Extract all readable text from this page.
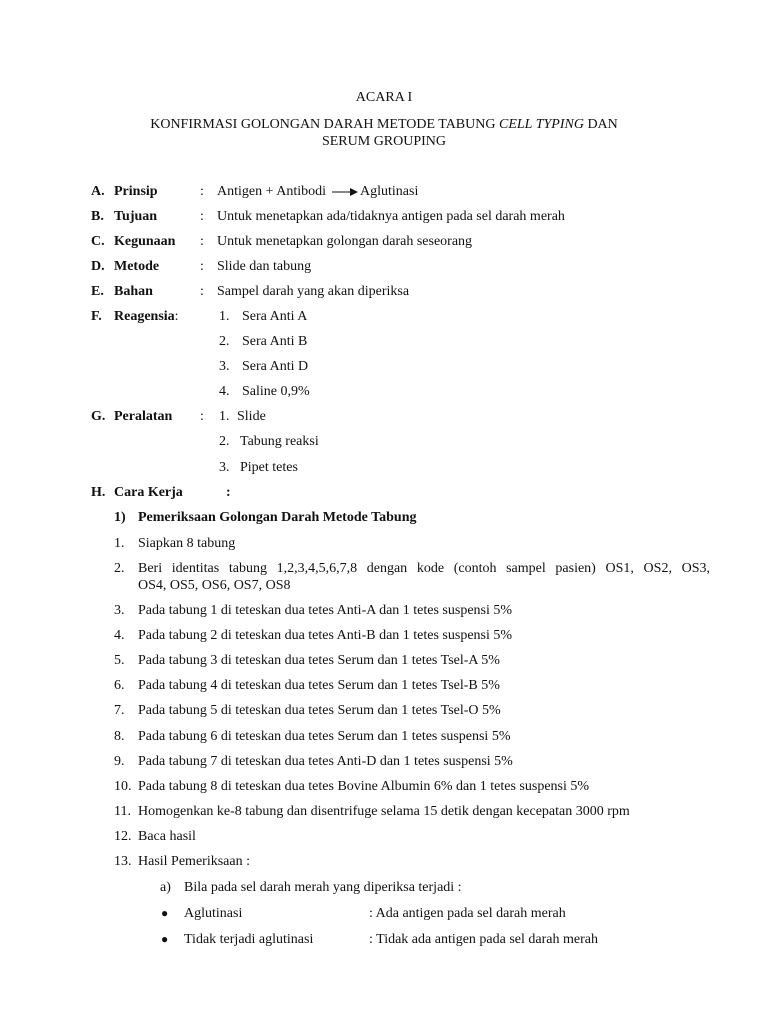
ACARA I
KONFIRMASI GOLONGAN DARAH METODE TABUNG CELL TYPING DAN
SERUM GROUPING
A. Prinsip	: Antigen + Antibodi Aglutinasi
B. Tujuan	: Untuk menetapkan ada/tidaknya antigen pada sel darah merah
C. Kegunaan : Untuk menetapkan golongan darah seseorang
D. Metode	: Slide dan tabung
E. Bahan	: Sampel darah yang akan diperiksa
F. Reagensia:	1. Sera Anti A
2. Sera Anti B
3. Sera Anti D
4. Saline 0,9%
G. Peralatan : 1. Slide
2. Tabung reaksi
3. Pipet tetes
H. Cara Kerja	:
1) Pemeriksaan Golongan Darah Metode Tabung
1. Siapkan 8 tabung
2. Beri identitas tabung 1,2,3,4,5,6,7,8 dengan kode (contoh sampel pasien) OS1, OS2, OS3,
OS4, OS5, OS6, OS7, OS8
3. Pada tabung 1 di teteskan dua tetes Anti-A dan 1 tetes suspensi 5%
4. Pada tabung 2 di teteskan dua tetes Anti-B dan 1 tetes suspensi 5%
5. Pada tabung 3 di teteskan dua tetes Serum dan 1 tetes Tsel-A 5%
6. Pada tabung 4 di teteskan dua tetes Serum dan 1 tetes Tsel-B 5%
7. Pada tabung 5 di teteskan dua tetes Serum dan 1 tetes Tsel-O 5%
8. Pada tabung 6 di teteskan dua tetes Serum dan 1 tetes suspensi 5%
9. Pada tabung 7 di teteskan dua tetes Anti-D dan 1 tetes suspensi 5%
10. Pada tabung 8 di teteskan dua tetes Bovine Albumin 6% dan 1 tetes suspensi 5%
11. Homogenkan ke-8 tabung dan disentrifuge selama 15 detik dengan kecepatan 3000 rpm
12. Baca hasil
13. Hasil Pemeriksaan :
a) Bila pada sel darah merah yang diperiksa terjadi :
● Aglutinasi	: Ada antigen pada sel darah merah
● Tidak terjadi aglutinasi	: Tidak ada antigen pada sel darah merah
